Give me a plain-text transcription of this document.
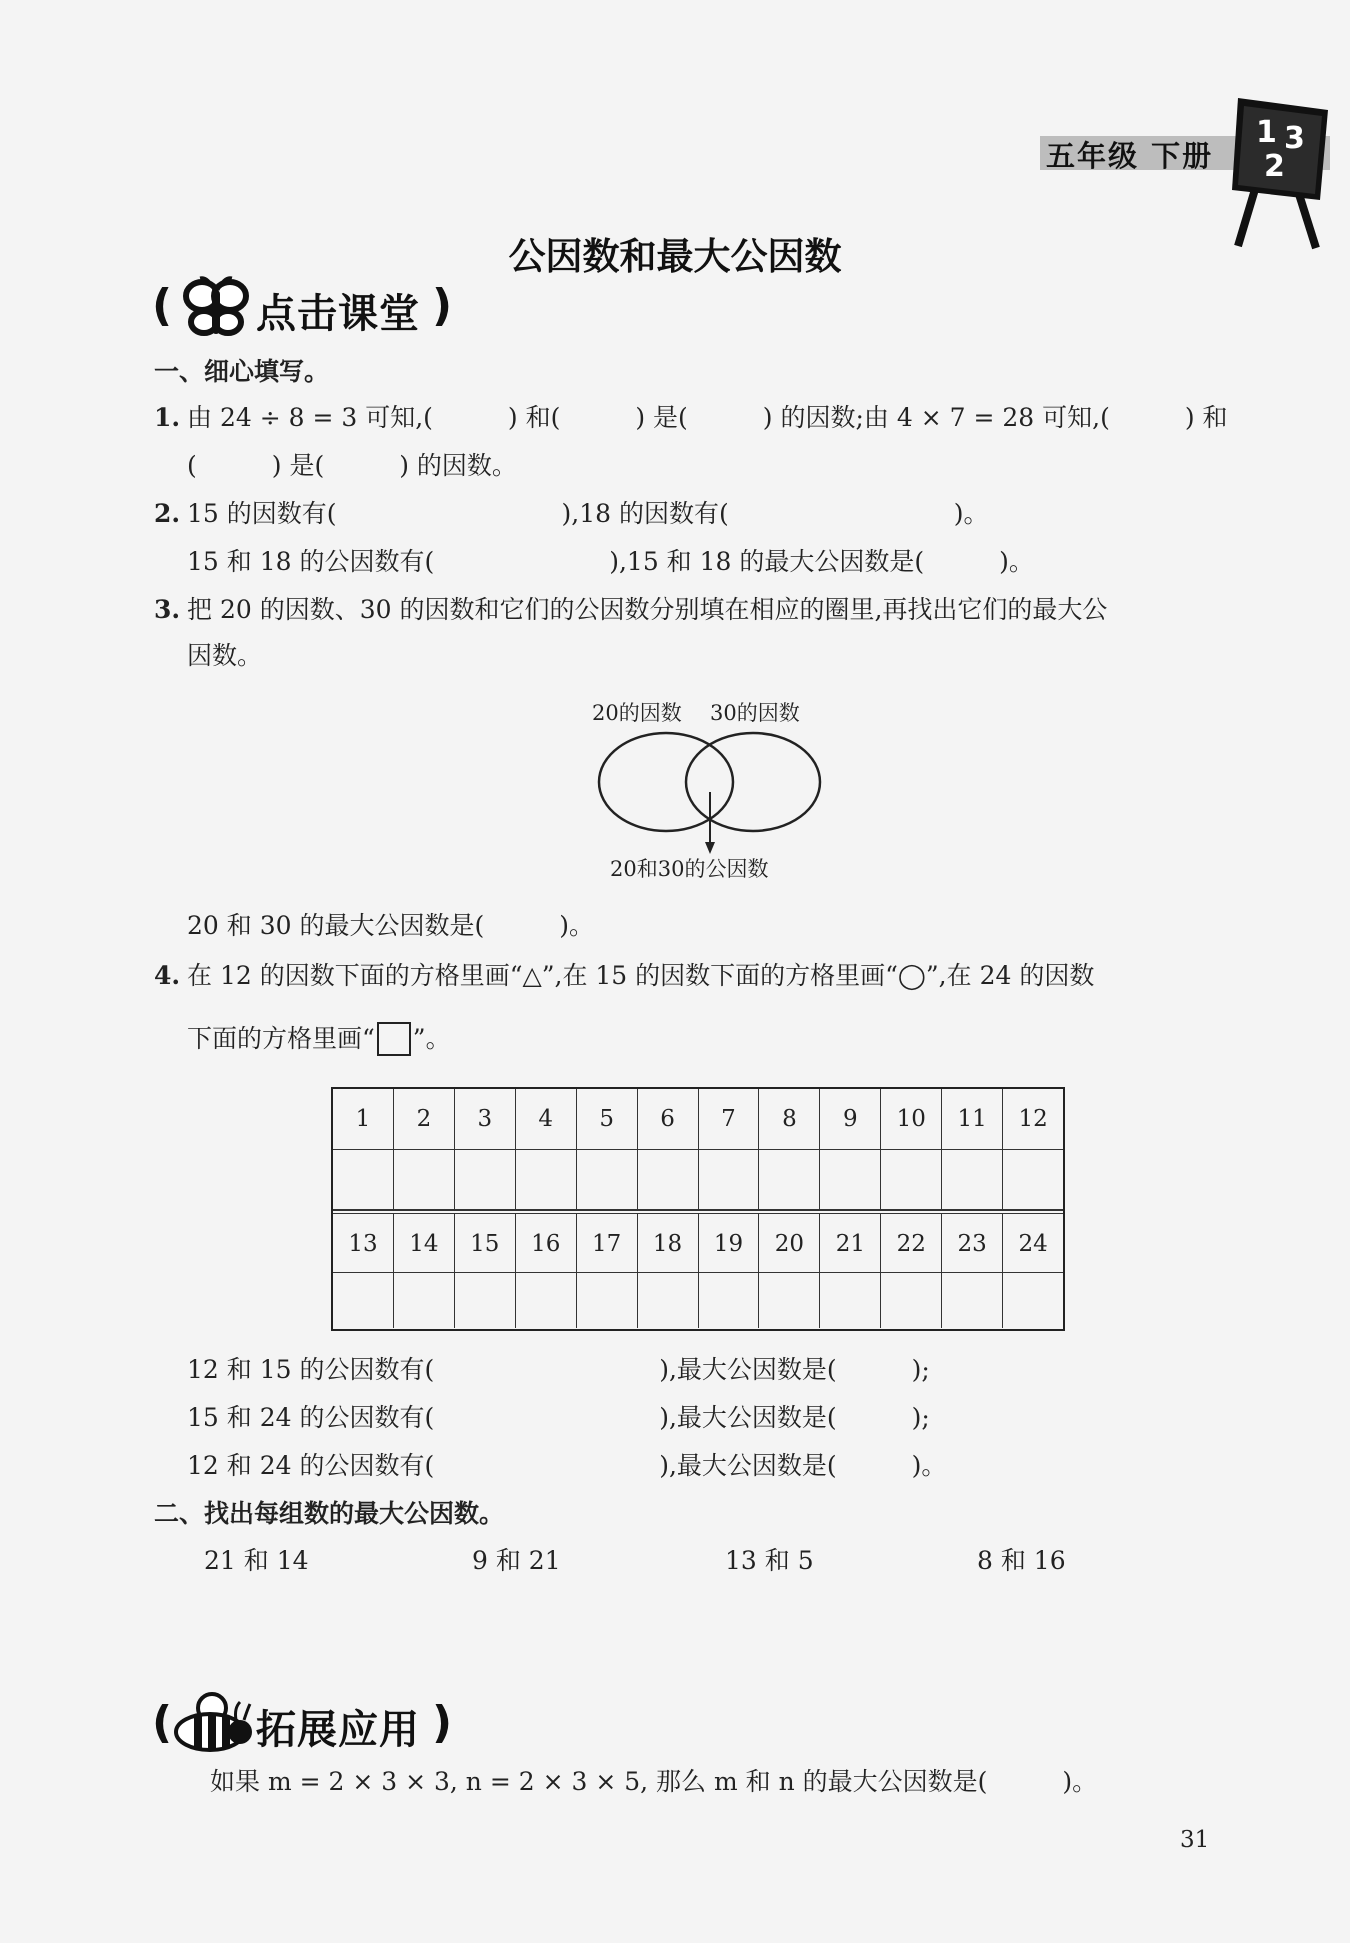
五年级 下册
1 3
2
公因数和最大公因数
( 点击课堂 )
一、细心填写。
1. 由 24 ÷ 8 = 3 可知,(　　　) 和(　　　) 是(　　　) 的因数;由 4 × 7 = 28 可知,(　　　) 和
(　　　) 是(　　　) 的因数。
2. 15 的因数有(　　　　　　　　　),18 的因数有(　　　　　　　　　)。
15 和 18 的公因数有(　　　　　　　),15 和 18 的最大公因数是(　　　)。
3. 把 20 的因数、30 的因数和它们的公因数分别填在相应的圈里,再找出它们的最大公
因数。
20的因数 30的因数
20和30的公因数
20 和 30 的最大公因数是(　　　)。
4. 在 12 的因数下面的方格里画“△”,在 15 的因数下面的方格里画“◯”,在 24 的因数
下面的方格里画“ ”。
1	2	3	4	5	6	7	8	9	10	11	12
13	14	15	16	17	18	19	20	21	22	23	24
12 和 15 的公因数有(　　　　　　　　　),最大公因数是(　　　);
15 和 24 的公因数有(　　　　　　　　　),最大公因数是(　　　);
12 和 24 的公因数有(　　　　　　　　　),最大公因数是(　　　)。
二、找出每组数的最大公因数。
21 和 14	9 和 21	13 和 5	8 和 16
( 拓展应用 )
如果 m = 2 × 3 × 3, n = 2 × 3 × 5, 那么 m 和 n 的最大公因数是(　　　)。
31
